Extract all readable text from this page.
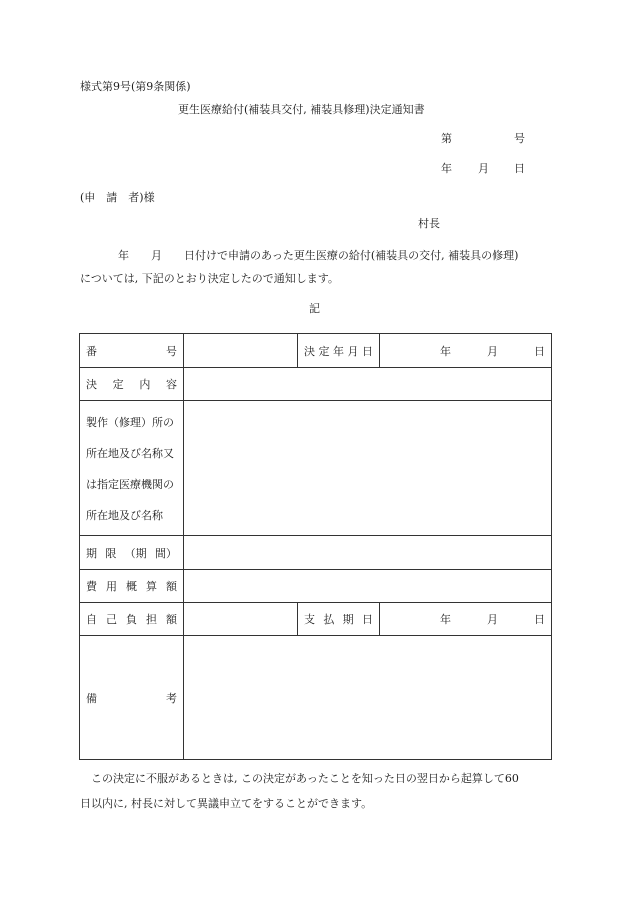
様式第9号(第9条関係)
更生医療給付(補装具交付, 補装具修理)決定通知書
第	号
年 月 日
(申　請　者)様
村長
年　　月　　日付けで申請のあった更生医療の給付(補装具の交付, 補装具の修理)
については, 下記のとおり決定したので通知します。
記
番 号		決 定 年 月 日	年 月 日

決 定 内 容			

製作（修理）所の
所在地及び名称又
は指定医療機関の
所在地及び名称			

期 限 （期 間）			

費 用 概 算 額			

自 己 負 担 額		支 払 期 日	年 月 日

備 考			

この決定に不服があるときは, この決定があったことを知った日の翌日から起算して60
日以内に, 村長に対して異議申立てをすることができます。
